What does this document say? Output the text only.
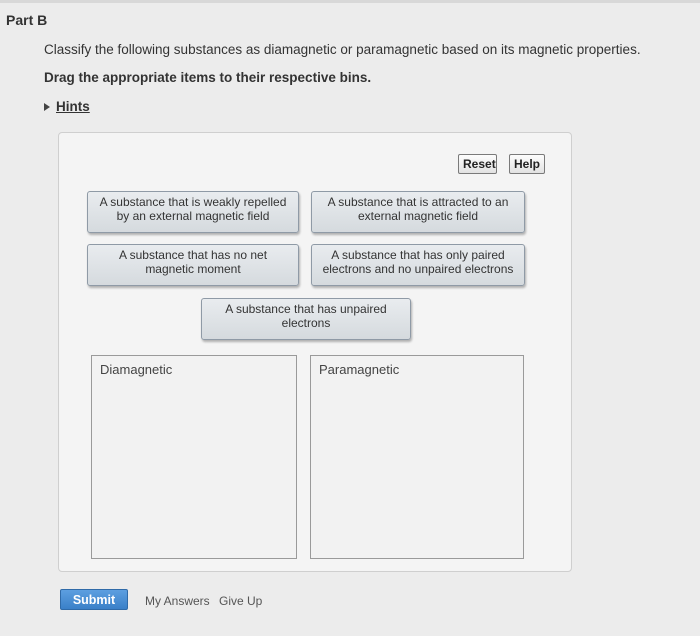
Part B
Classify the following substances as diamagnetic or paramagnetic based on its magnetic properties.
Drag the appropriate items to their respective bins.
Hints
Reset	Help
A substance that is weakly repelled by an external magnetic field
A substance that is attracted to an external magnetic field
A substance that has no net magnetic moment
A substance that has only paired electrons and no unpaired electrons
A substance that has unpaired electrons
Diamagnetic	Paramagnetic
Submit	My Answers Give Up
